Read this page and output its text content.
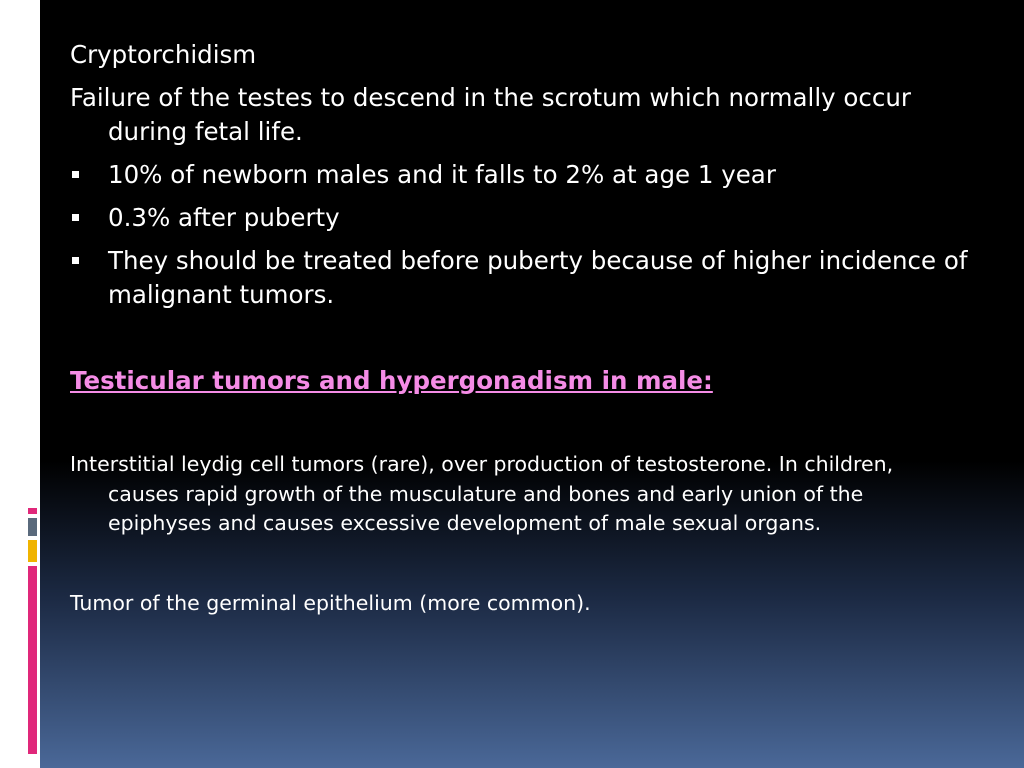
Cryptorchidism

Failure of the testes to descend in the scrotum which normally occur during fetal life.

10% of newborn males and it falls to 2% at age 1 year
0.3% after puberty
They should be treated before puberty because of higher incidence of malignant tumors.

Testicular tumors and hypergonadism in male:

Interstitial leydig cell tumors (rare), over production of testosterone. In children, causes rapid growth of the musculature and bones and early union of the epiphyses and causes excessive development of male sexual organs.

Tumor of the germinal epithelium (more common).
